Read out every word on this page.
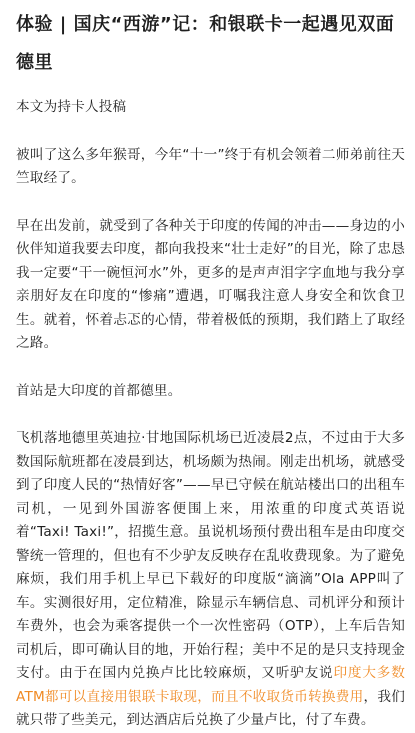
体验 | 国庆“西游”记：和银联卡一起遇见双面德里

本文为持卡人投稿

被叫了这么多年猴哥，今年“十一”终于有机会领着二师弟前往天竺取经了。

早在出发前，就受到了各种关于印度的传闻的冲击——身边的小伙伴知道我要去印度，都向我投来“壮士走好”的目光，除了忠恳我一定要“干一碗恒河水”外，更多的是声声泪字字血地与我分享亲朋好友在印度的“惨痛”遭遇，叮嘱我注意人身安全和饮食卫生。就着，怀着忐忑的心情，带着极低的预期，我们踏上了取经之路。

首站是大印度的首都德里。

飞机落地德里英迪拉·甘地国际机场已近凌晨2点，不过由于大多数国际航班都在凌晨到达，机场颇为热闹。刚走出机场，就感受到了印度人民的“热情好客”——早已守候在航站楼出口的出租车司机，一见到外国游客便围上来，用浓重的印度式英语说着“Taxi! Taxi!”，招揽生意。虽说机场预付费出租车是由印度交警统一管理的，但也有不少驴友反映存在乱收费现象。为了避免麻烦，我们用手机上早已下载好的印度版“滴滴”Ola APP叫了车。实测很好用，定位精准，除显示车辆信息、司机评分和预计车费外，也会为乘客提供一个一次性密码（OTP），上车后告知司机后，即可确认目的地，开始行程；美中不足的是只支持现金支付。由于在国内兑换卢比比较麻烦，又听驴友说印度大多数ATM都可以直接用银联卡取现，而且不收取货币转换费用，我们就只带了些美元，到达酒店后兑换了少量卢比，付了车费。
